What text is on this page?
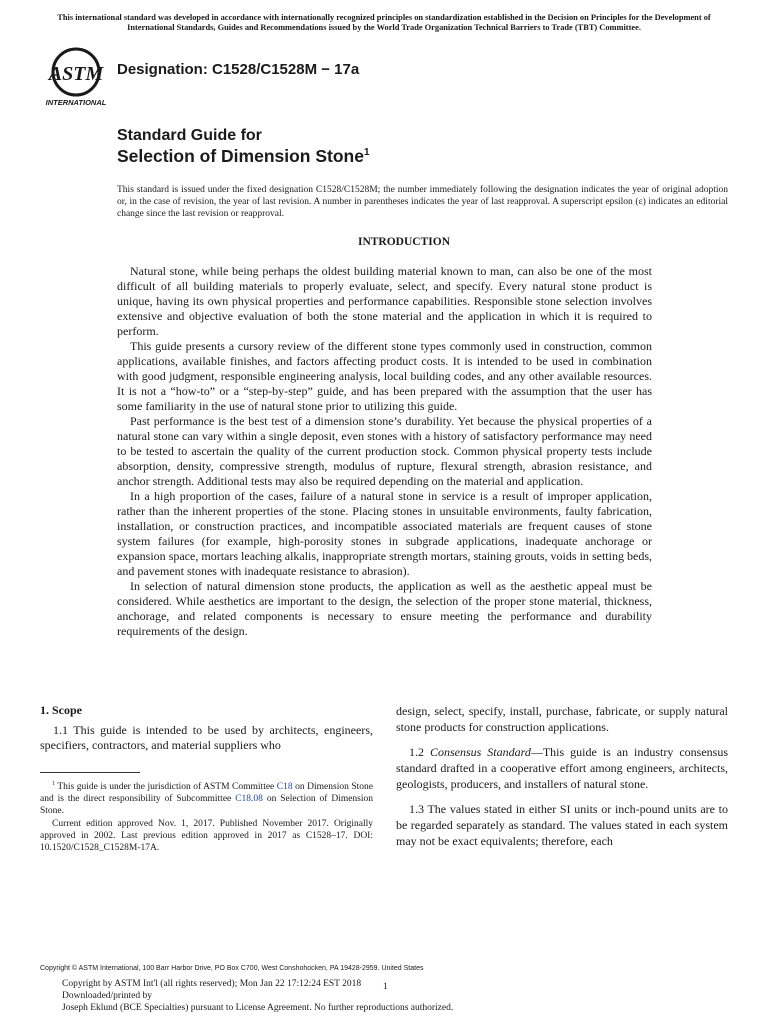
This international standard was developed in accordance with internationally recognized principles on standardization established in the Decision on Principles for the Development of International Standards, Guides and Recommendations issued by the World Trade Organization Technical Barriers to Trade (TBT) Committee.
ASTM
INTERNATIONAL
Designation: C1528/C1528M − 17a
Standard Guide for
Selection of Dimension Stone$^1$
This standard is issued under the fixed designation C1528/C1528M; the number immediately following the designation indicates the year of original adoption or, in the case of revision, the year of last revision. A number in parentheses indicates the year of last reapproval. A superscript epsilon (ε) indicates an editorial change since the last revision or reapproval.
INTRODUCTION

Natural stone, while being perhaps the oldest building material known to man, can also be one of the most difficult of all building materials to properly evaluate, select, and specify. Every natural stone product is unique, having its own physical properties and performance capabilities. Responsible stone selection involves extensive and objective evaluation of both the stone material and the application in which it is required to perform.

This guide presents a cursory review of the different stone types commonly used in construction, common applications, available finishes, and factors affecting product costs. It is intended to be used in combination with good judgment, responsible engineering analysis, local building codes, and any other available resources. It is not a “how-to” or a “step-by-step” guide, and has been prepared with the assumption that the user has some familiarity in the use of natural stone prior to utilizing this guide.

Past performance is the best test of a dimension stone’s durability. Yet because the physical properties of a natural stone can vary within a single deposit, even stones with a history of satisfactory performance may need to be tested to ascertain the quality of the current production stock. Common physical property tests include absorption, density, compressive strength, modulus of rupture, flexural strength, abrasion resistance, and anchor strength. Additional tests may also be required depending on the material and application.

In a high proportion of the cases, failure of a natural stone in service is a result of improper application, rather than the inherent properties of the stone. Placing stones in unsuitable environments, faulty fabrication, installation, or construction practices, and incompatible associated materials are frequent causes of stone system failures (for example, high-porosity stones in subgrade applications, inadequate anchorage or expansion space, mortars leaching alkalis, inappropriate strength mortars, staining grouts, voids in setting beds, and pavement stones with inadequate resistance to abrasion).

In selection of natural dimension stone products, the application as well as the aesthetic appeal must be considered. While aesthetics are important to the design, the selection of the proper stone material, thickness, anchorage, and related components is necessary to ensure meeting the performance and durability requirements of the design.

1. Scope

1.1 This guide is intended to be used by architects, engineers, specifiers, contractors, and material suppliers who

$^1$ This guide is under the jurisdiction of ASTM Committee C18 on Dimension Stone and is the direct responsibility of Subcommittee C18.08 on Selection of Dimension Stone.

Current edition approved Nov. 1, 2017. Published November 2017. Originally approved in 2002. Last previous edition approved in 2017 as C1528–17. DOI: 10.1520/C1528_C1528M-17A.

design, select, specify, install, purchase, fabricate, or supply natural stone products for construction applications.

1.2 Consensus Standard—This guide is an industry consensus standard drafted in a cooperative effort among engineers, architects, geologists, producers, and installers of natural stone.

1.3 The values stated in either SI units or inch-pound units are to be regarded separately as standard. The values stated in each system may not be exact equivalents; therefore, each

Copyright © ASTM International, 100 Barr Harbor Drive, PO Box C700, West Conshohocken, PA 19428-2959. United States
Copyright by ASTM Int'l (all rights reserved); Mon Jan 22 17:12:24 EST 2018
Downloaded/printed by
Joseph Eklund (BCE Specialties) pursuant to License Agreement. No further reproductions authorized.
1
